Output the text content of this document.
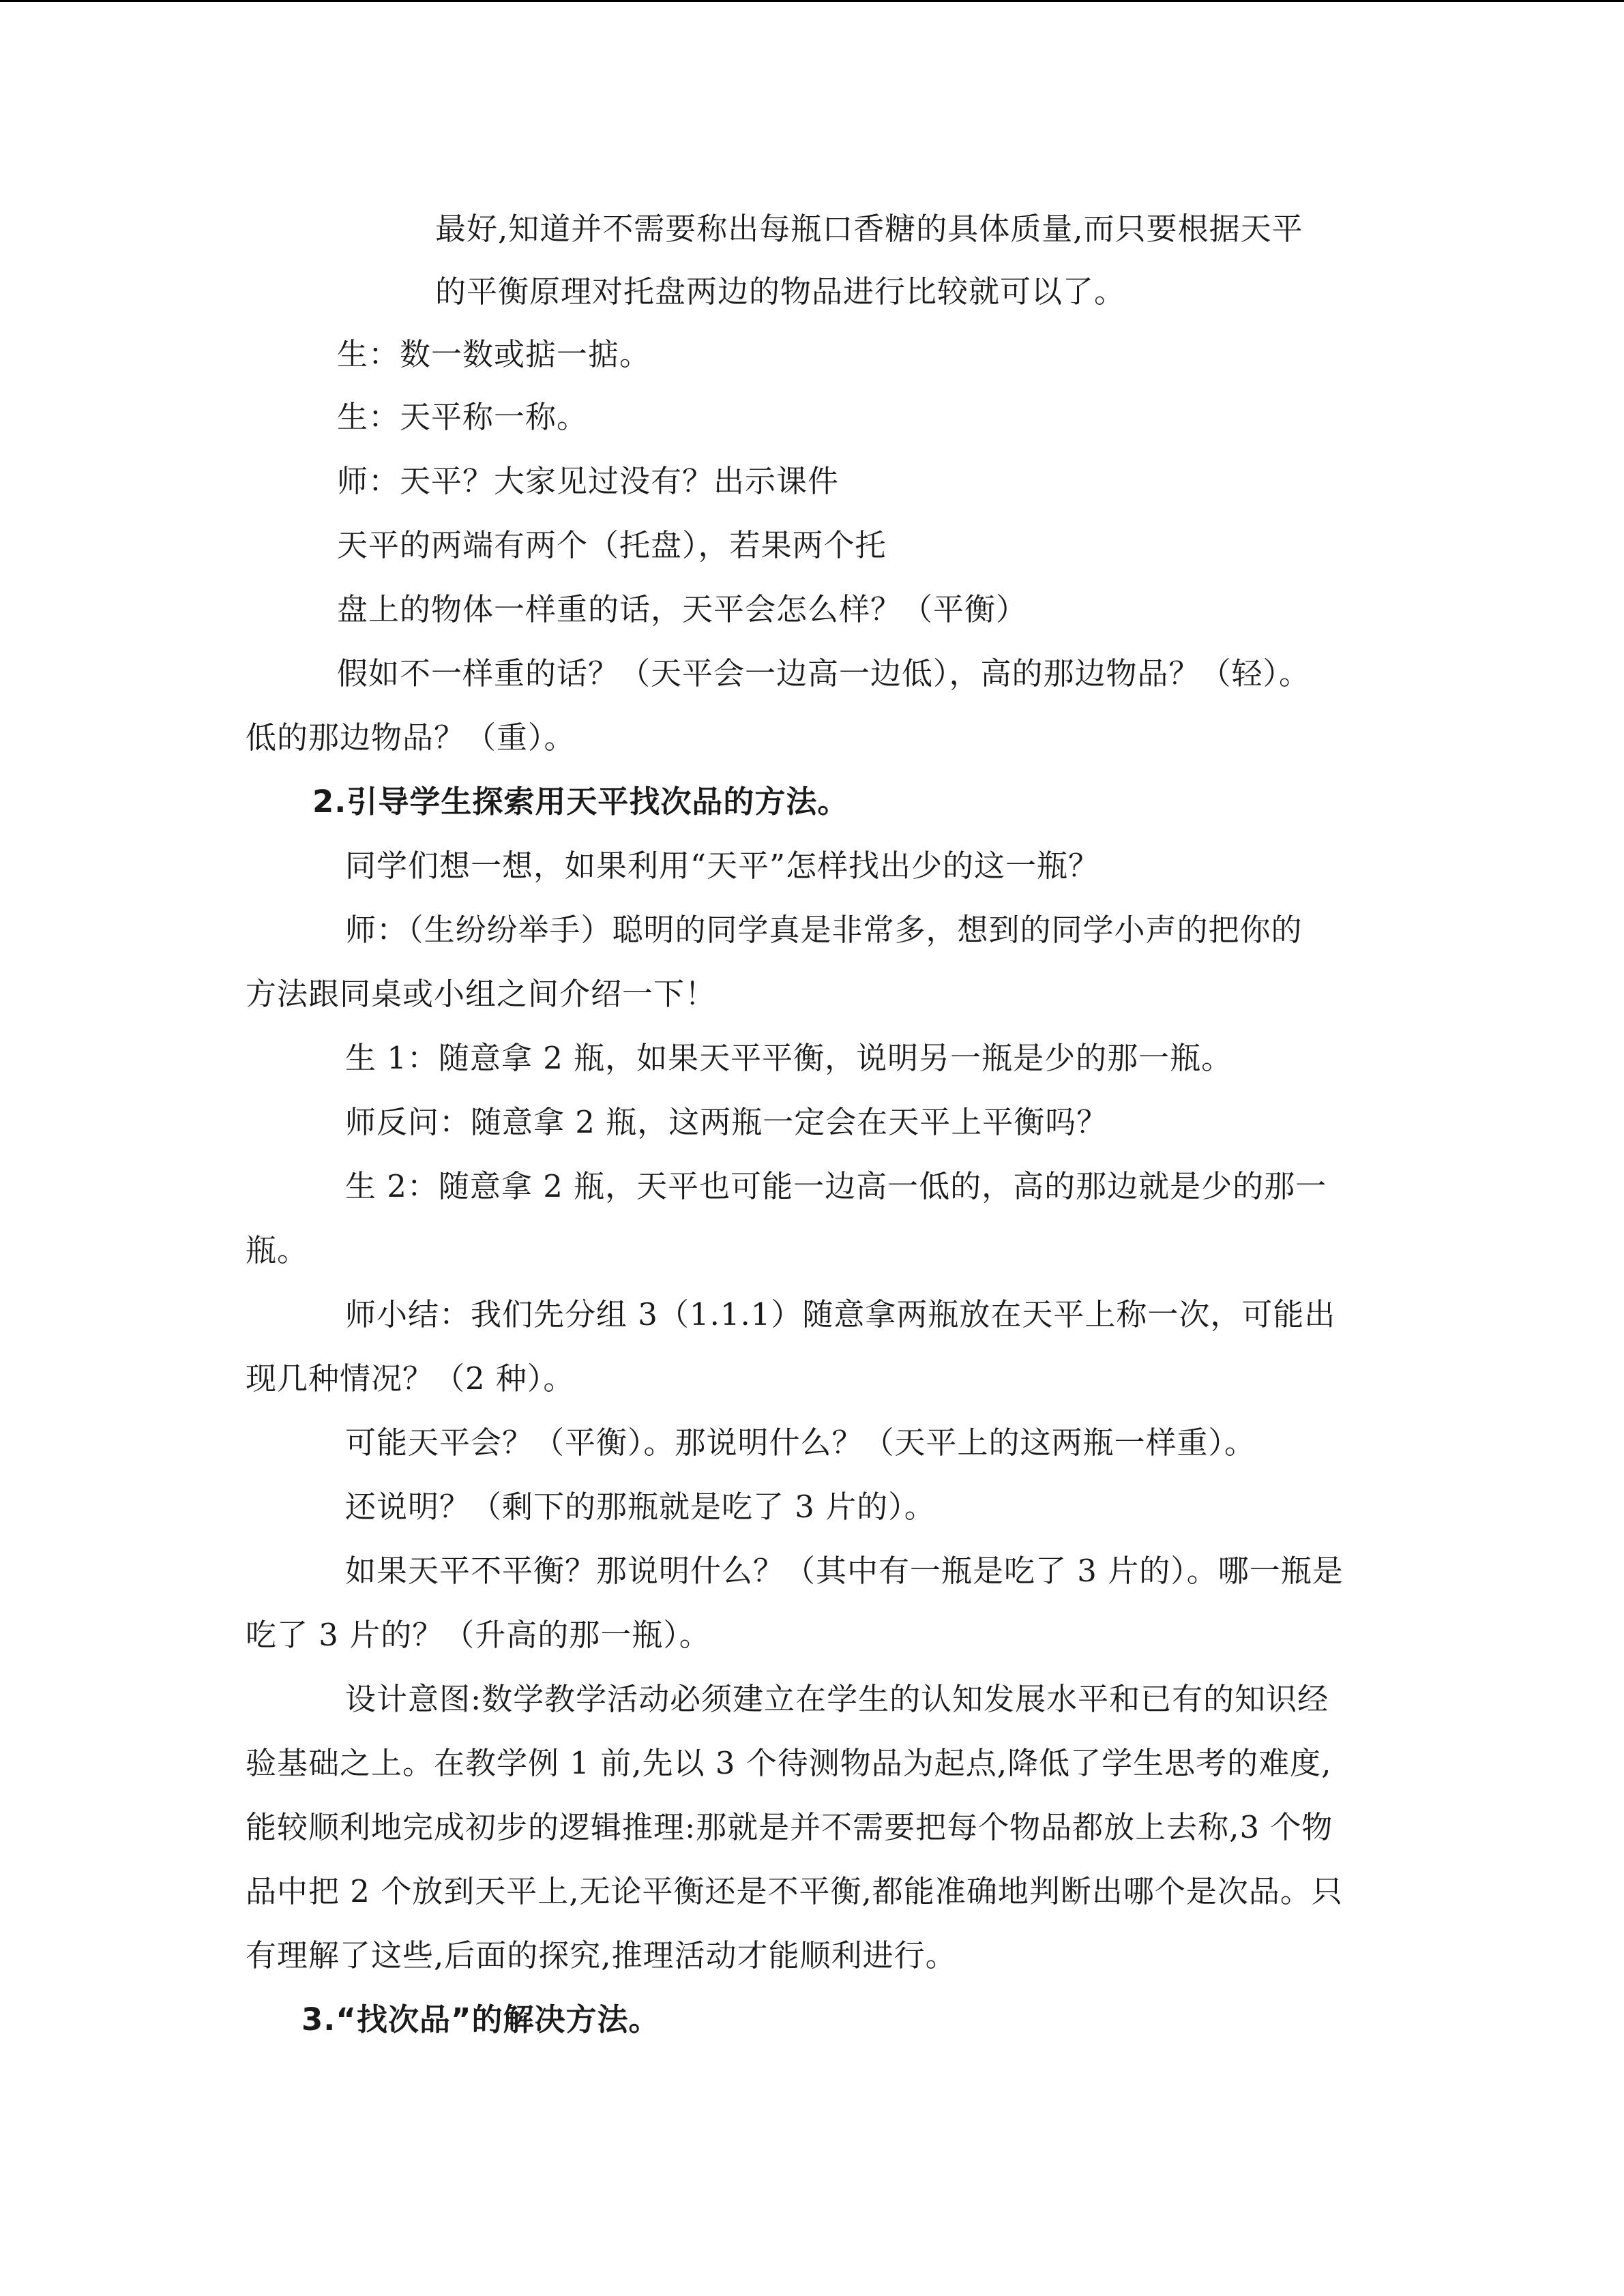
最好,知道并不需要称出每瓶口香糖的具体质量,而只要根据天平
的平衡原理对托盘两边的物品进行比较就可以了。
生：数一数或掂一掂。
生：天平称一称。
师：天平？大家见过没有？出示课件
天平的两端有两个（托盘），若果两个托
盘上的物体一样重的话，天平会怎么样？（平衡）
假如不一样重的话？（天平会一边高一边低），高的那边物品？（轻）。
低的那边物品？（重）。
2.引导学生探索用天平找次品的方法。
同学们想一想，如果利用“天平”怎样找出少的这一瓶？
师：（生纷纷举手）聪明的同学真是非常多，想到的同学小声的把你的
方法跟同桌或小组之间介绍一下！
生 1：随意拿 2 瓶，如果天平平衡，说明另一瓶是少的那一瓶。
师反问：随意拿 2 瓶，这两瓶一定会在天平上平衡吗？
生 2：随意拿 2 瓶，天平也可能一边高一低的，高的那边就是少的那一
瓶。
师小结：我们先分组 3（1.1.1）随意拿两瓶放在天平上称一次，可能出
现几种情况？（2 种）。
可能天平会？（平衡）。那说明什么？（天平上的这两瓶一样重）。
还说明？（剩下的那瓶就是吃了 3 片的）。
如果天平不平衡？那说明什么？（其中有一瓶是吃了 3 片的）。哪一瓶是
吃了 3 片的？（升高的那一瓶）。
设计意图:数学教学活动必须建立在学生的认知发展水平和已有的知识经
验基础之上。在教学例 1 前,先以 3 个待测物品为起点,降低了学生思考的难度,
能较顺利地完成初步的逻辑推理:那就是并不需要把每个物品都放上去称,3 个物
品中把 2 个放到天平上,无论平衡还是不平衡,都能准确地判断出哪个是次品。只
有理解了这些,后面的探究,推理活动才能顺利进行。
3.“找次品”的解决方法。
